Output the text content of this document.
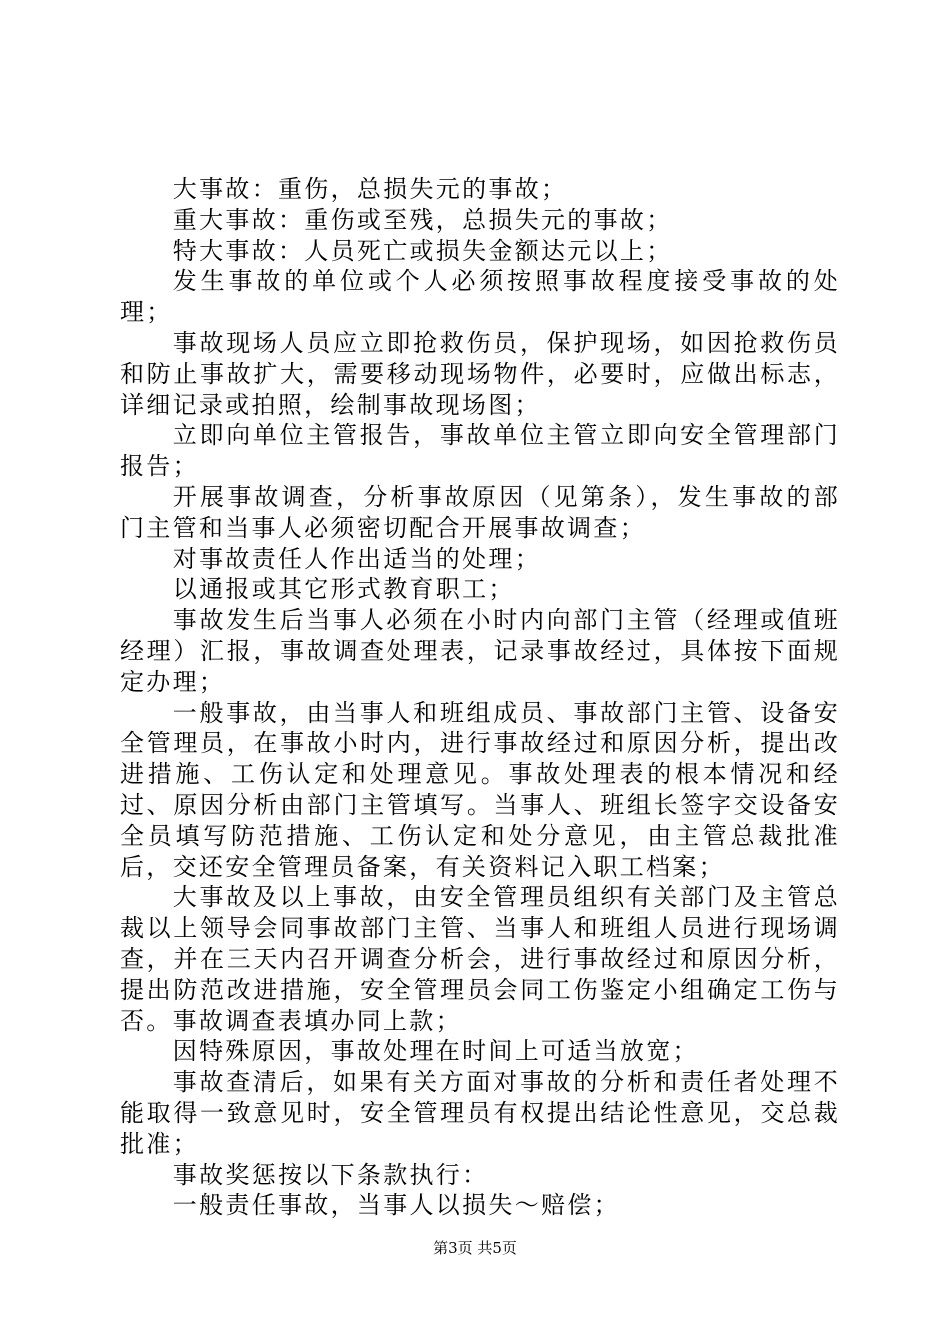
大事故：重伤，总损失元的事故；

重大事故：重伤或至残，总损失元的事故；

特大事故：人员死亡或损失金额达元以上；

发生事故的单位或个人必须按照事故程度接受事故的处理；

事故现场人员应立即抢救伤员，保护现场，如因抢救伤员和防止事故扩大，需要移动现场物件，必要时，应做出标志，详细记录或拍照，绘制事故现场图；

立即向单位主管报告，事故单位主管立即向安全管理部门报告；

开展事故调查，分析事故原因（见第条），发生事故的部门主管和当事人必须密切配合开展事故调查；

对事故责任人作出适当的处理；

以通报或其它形式教育职工；

事故发生后当事人必须在小时内向部门主管（经理或值班经理）汇报，事故调查处理表，记录事故经过，具体按下面规定办理；

一般事故，由当事人和班组成员、事故部门主管、设备安全管理员，在事故小时内，进行事故经过和原因分析，提出改进措施、工伤认定和处理意见。事故处理表的根本情况和经过、原因分析由部门主管填写。当事人、班组长签字交设备安全员填写防范措施、工伤认定和处分意见，由主管总裁批准后，交还安全管理员备案，有关资料记入职工档案；

大事故及以上事故，由安全管理员组织有关部门及主管总裁以上领导会同事故部门主管、当事人和班组人员进行现场调查，并在三天内召开调查分析会，进行事故经过和原因分析，提出防范改进措施，安全管理员会同工伤鉴定小组确定工伤与否。事故调查表填办同上款；

因特殊原因，事故处理在时间上可适当放宽；

事故查清后，如果有关方面对事故的分析和责任者处理不能取得一致意见时，安全管理员有权提出结论性意见，交总裁批准；

事故奖惩按以下条款执行：

一般责任事故，当事人以损失～赔偿；

第3页 共5页
